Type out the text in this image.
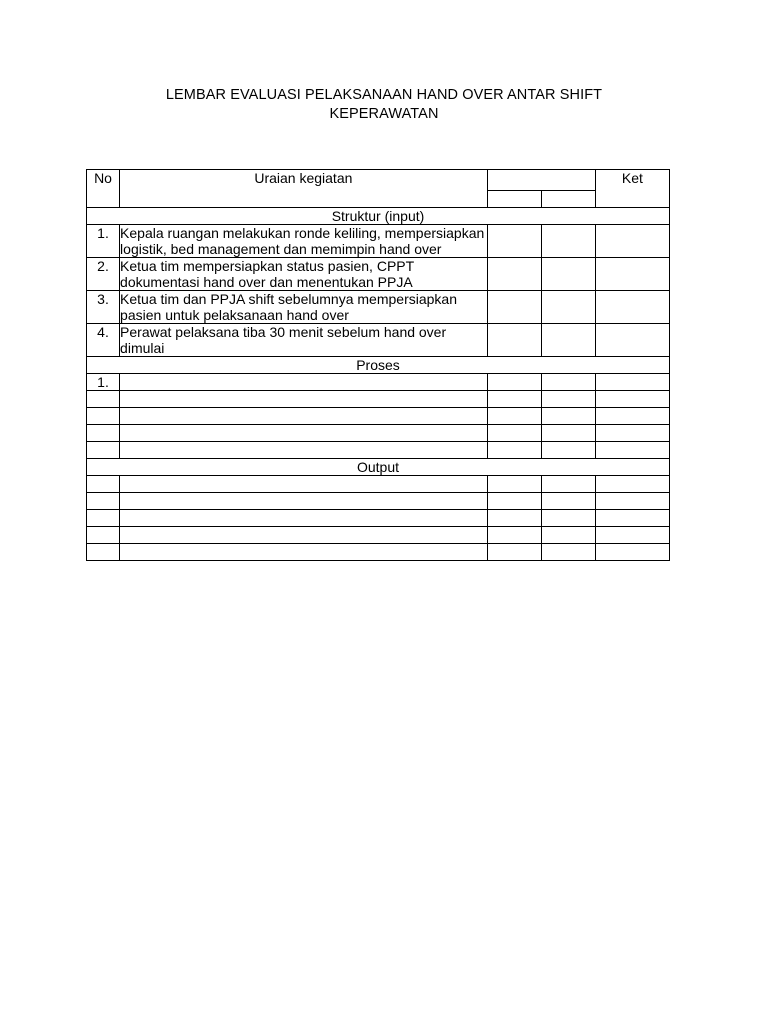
LEMBAR EVALUASI PELAKSANAAN HAND OVER ANTAR SHIFT
KEPERAWATAN
No	Uraian kegiatan			Ket

Struktur (input)				
1.	Kepala ruangan melakukan ronde keliling, mempersiapkan logistik, bed management dan memimpin hand over			
2.	Ketua tim mempersiapkan status pasien, CPPT dokumentasi hand over dan menentukan PPJA			
3.	Ketua tim dan PPJA shift sebelumnya mempersiapkan pasien untuk pelaksanaan hand over			
4.	Perawat pelaksana tiba 30 menit sebelum hand over dimulai			
Proses				
1.				

Output				
